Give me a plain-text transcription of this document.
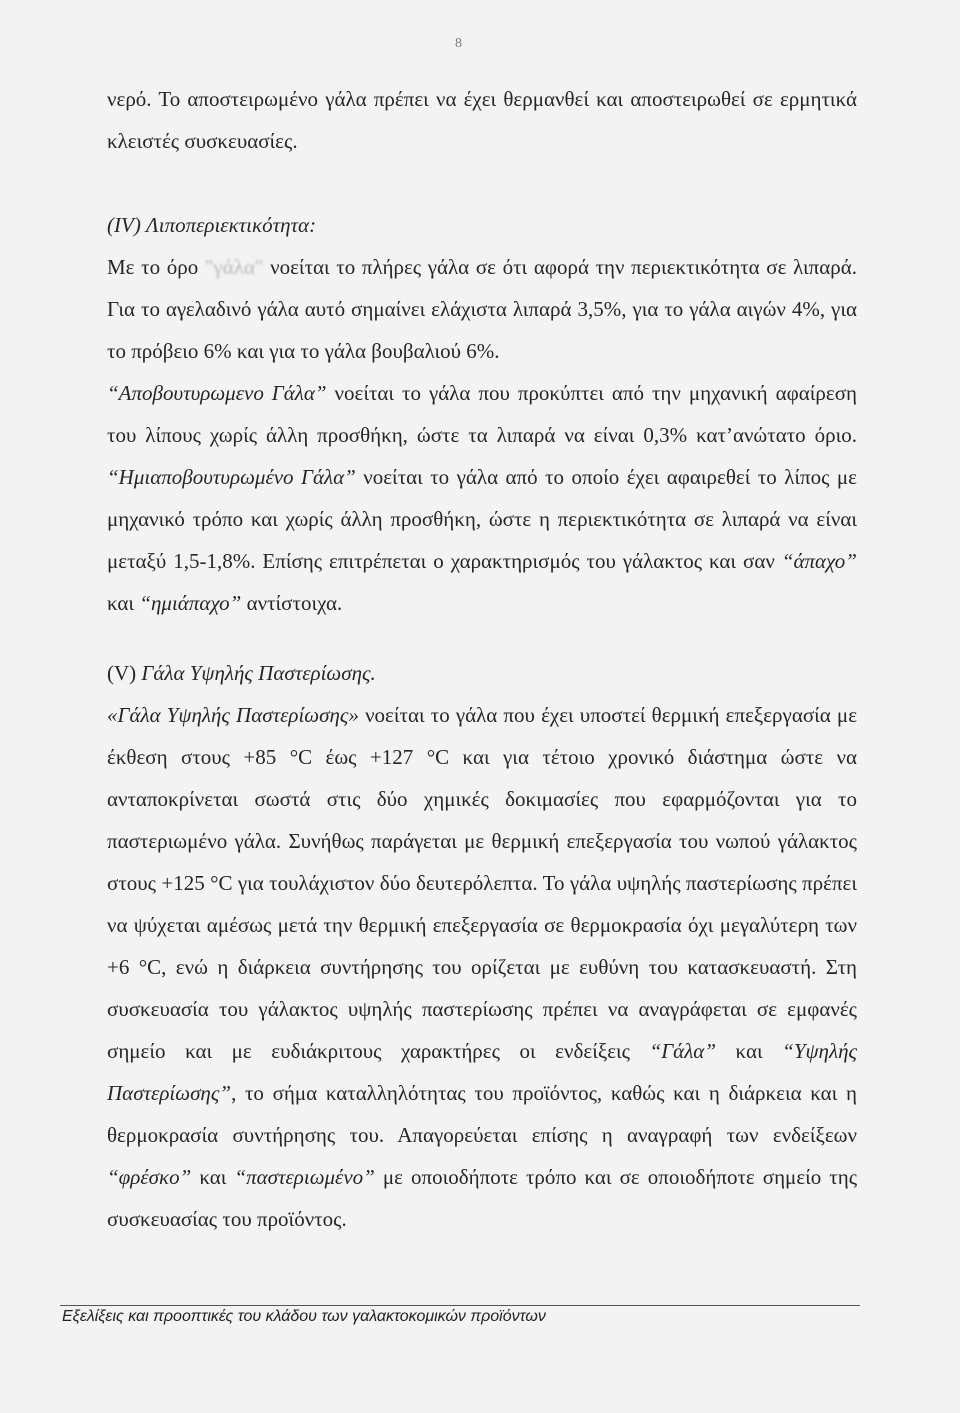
8

νερό. Το αποστειρωμένο γάλα πρέπει να έχει θερμανθεί και αποστειρωθεί σε ερμητικά κλειστές συσκευασίες.

(IV) Λιποπεριεκτικότητα:

Με το όρο "γάλα" νοείται το πλήρες γάλα σε ότι αφορά την περιεκτικότητα σε λιπαρά. Για το αγελαδινό γάλα αυτό σημαίνει ελάχιστα λιπαρά 3,5%, για το γάλα αιγών 4%, για το πρόβειο 6% και για το γάλα βουβαλιού 6%.

“Αποβουτυρωμενο Γάλα” νοείται το γάλα που προκύπτει από την μηχανική αφαίρεση του λίπους χωρίς άλλη προσθήκη, ώστε τα λιπαρά να είναι 0,3% κατ’ανώτατο όριο. “Ημιαποβουτυρωμένο Γάλα” νοείται το γάλα από το οποίο έχει αφαιρεθεί το λίπος με μηχανικό τρόπο και χωρίς άλλη προσθήκη, ώστε η περιεκτικότητα σε λιπαρά να είναι μεταξύ 1,5-1,8%. Επίσης επιτρέπεται ο χαρακτηρισμός του γάλακτος και σαν “άπαχο” και “ημιάπαχο” αντίστοιχα.

(V) Γάλα Υψηλής Παστερίωσης.

«Γάλα Υψηλής Παστερίωσης» νοείται το γάλα που έχει υποστεί θερμική επεξεργασία με έκθεση στους +85 °C έως +127 °C και για τέτοιο χρονικό διάστημα ώστε να ανταποκρίνεται σωστά στις δύο χημικές δοκιμασίες που εφαρμόζονται για το παστεριωμένο γάλα. Συνήθως παράγεται με θερμική επεξεργασία του νωπού γάλακτος στους +125 °C για τουλάχιστον δύο δευτερόλεπτα. Το γάλα υψηλής παστερίωσης πρέπει να ψύχεται αμέσως μετά την θερμική επεξεργασία σε θερμοκρασία όχι μεγαλύτερη των +6 °C, ενώ η διάρκεια συντήρησης του ορίζεται με ευθύνη του κατασκευαστή. Στη συσκευασία του γάλακτος υψηλής παστερίωσης πρέπει να αναγράφεται σε εμφανές σημείο και με ευδιάκριτους χαρακτήρες οι ενδείξεις “Γάλα” και “Υψηλής Παστερίωσης”, το σήμα καταλληλότητας του προϊόντος, καθώς και η διάρκεια και η θερμοκρασία συντήρησης του. Απαγορεύεται επίσης η αναγραφή των ενδείξεων “φρέσκο” και “παστεριωμένο” με οποιοδήποτε τρόπο και σε οποιοδήποτε σημείο της συσκευασίας του προϊόντος.

Εξελίξεις και προοπτικές του κλάδου των γαλακτοκομικών προϊόντων
